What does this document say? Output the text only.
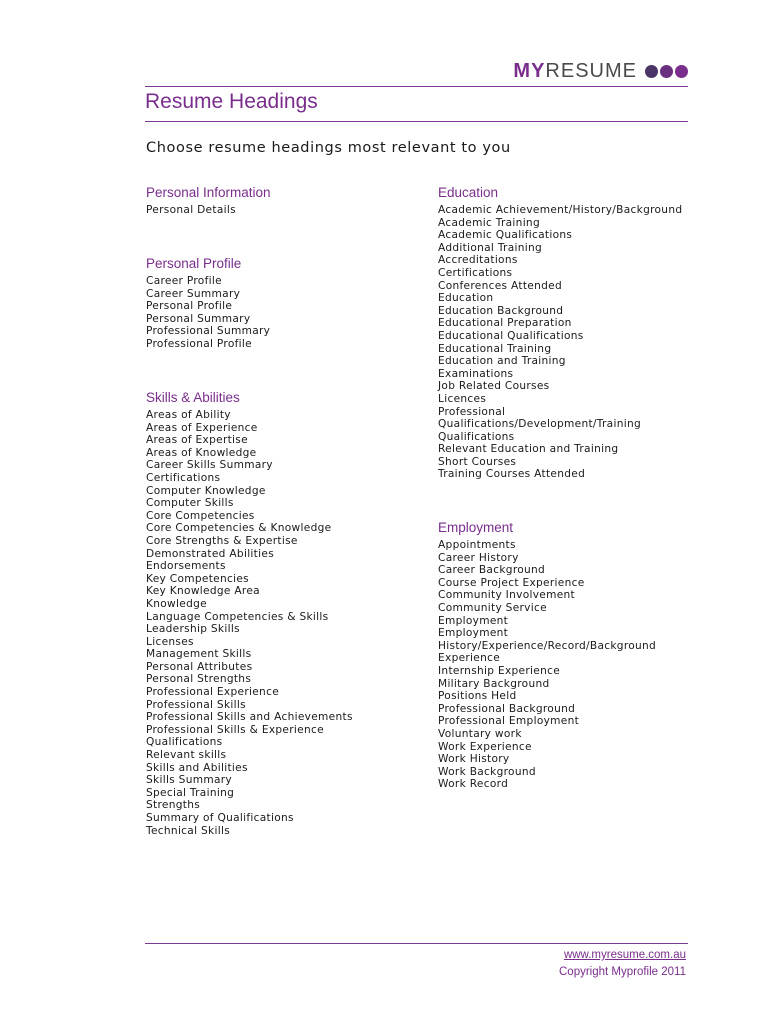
MYRESUME
Resume Headings
Choose resume headings most relevant to you
Personal Information
Personal Details
Personal Profile
Career Profile
Career Summary
Personal Profile
Personal Summary
Professional Summary
Professional Profile
Skills & Abilities
Areas of Ability
Areas of Experience
Areas of Expertise
Areas of Knowledge
Career Skills Summary
Certifications
Computer Knowledge
Computer Skills
Core Competencies
Core Competencies & Knowledge
Core Strengths & Expertise
Demonstrated Abilities
Endorsements
Key Competencies
Key Knowledge Area
Knowledge
Language Competencies & Skills
Leadership Skills
Licenses
Management Skills
Personal Attributes
Personal Strengths
Professional Experience
Professional Skills
Professional Skills and Achievements
Professional Skills & Experience
Qualifications
Relevant skills
Skills and Abilities
Skills Summary
Special Training
Strengths
Summary of Qualifications
Technical Skills
Education
Academic Achievement/History/Background
Academic Training
Academic Qualifications
Additional Training
Accreditations
Certifications
Conferences Attended
Education
Education Background
Educational Preparation
Educational Qualifications
Educational Training
Education and Training
Examinations
Job Related Courses
Licences
Professional
Qualifications/Development/Training
Qualifications
Relevant Education and Training
Short Courses
Training Courses Attended
Employment
Appointments
Career History
Career Background
Course Project Experience
Community Involvement
Community Service
Employment
Employment
History/Experience/Record/Background
Experience
Internship Experience
Military Background
Positions Held
Professional Background
Professional Employment
Voluntary work
Work Experience
Work History
Work Background
Work Record
www.myresume.com.au
Copyright Myprofile 2011
